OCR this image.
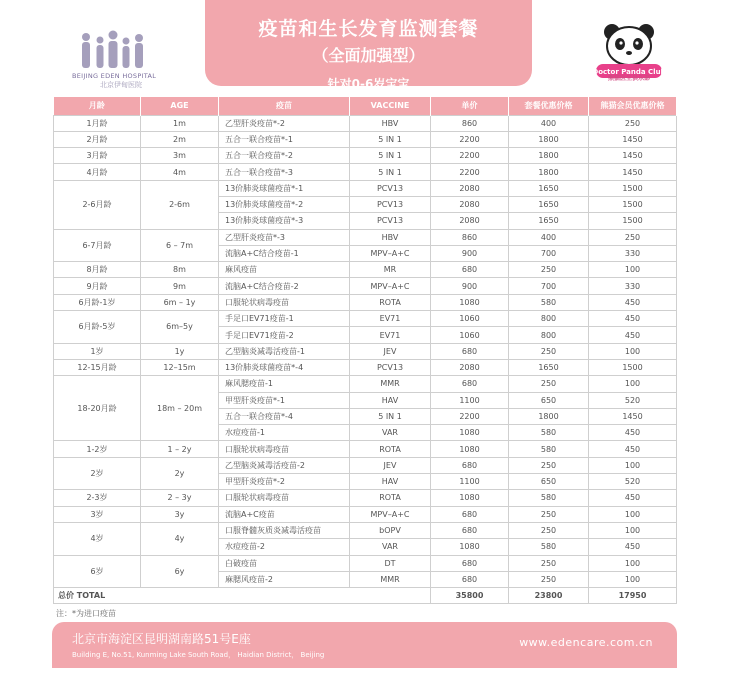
疫苗和生长发育监测套餐
（全面加强型）
针对0-6岁宝宝
BEIJING EDEN HOSPITAL
北京伊甸医院
Doctor Panda Club
熊猫医生俱乐部
月龄	AGE	疫苗	VACCINE	单价	套餐优惠价格	熊猫会员优惠价格
1月龄	1m	乙型肝炎疫苗*-2	HBV	860	400	250
2月龄	2m	五合一联合疫苗*-1	5 IN 1	2200	1800	1450
3月龄	3m	五合一联合疫苗*-2	5 IN 1	2200	1800	1450
4月龄	4m	五合一联合疫苗*-3	5 IN 1	2200	1800	1450
2-6月龄	2-6m	13价肺炎球菌疫苗*-1	PCV13	2080	1650	1500
		13价肺炎球菌疫苗*-2	PCV13	2080	1650	1500
		13价肺炎球菌疫苗*-3	PCV13	2080	1650	1500
6-7月龄	6 – 7m	乙型肝炎疫苗*-3	HBV	860	400	250
		流脑A+C结合疫苗-1	MPV–A+C	900	700	330
8月龄	8m	麻风疫苗	MR	680	250	100
9月龄	9m	流脑A+C结合疫苗-2	MPV–A+C	900	700	330
6月龄-1岁	6m – 1y	口服轮状病毒疫苗	ROTA	1080	580	450
6月龄-5岁	6m–5y	手足口EV71疫苗-1	EV71	1060	800	450
		手足口EV71疫苗-2	EV71	1060	800	450
1岁	1y	乙型脑炎减毒活疫苗-1	JEV	680	250	100
12-15月龄	12–15m	13价肺炎球菌疫苗*-4	PCV13	2080	1650	1500
18-20月龄	18m – 20m	麻风腮疫苗-1	MMR	680	250	100
		甲型肝炎疫苗*-1	HAV	1100	650	520
		五合一联合疫苗*-4	5 IN 1	2200	1800	1450
		水痘疫苗-1	VAR	1080	580	450
1-2岁	1 – 2y	口服轮状病毒疫苗	ROTA	1080	580	450
2岁	2y	乙型脑炎减毒活疫苗-2	JEV	680	250	100
		甲型肝炎疫苗*-2	HAV	1100	650	520
2-3岁	2 – 3y	口服轮状病毒疫苗	ROTA	1080	580	450
3岁	3y	流脑A+C疫苗	MPV–A+C	680	250	100
4岁	4y	口服脊髓灰质炎减毒活疫苗	bOPV	680	250	100
		水痘疫苗-2	VAR	1080	580	450
6岁	6y	白破疫苗	DT	680	250	100
		麻腮风疫苗-2	MMR	680	250	100
总价 TOTAL				35800	23800	17950
注：*为进口疫苗
北京市海淀区昆明湖南路51号E座
Building E, No.51, Kunming Lake South Road， Haidian District， Beijing
www.edencare.com.cn
